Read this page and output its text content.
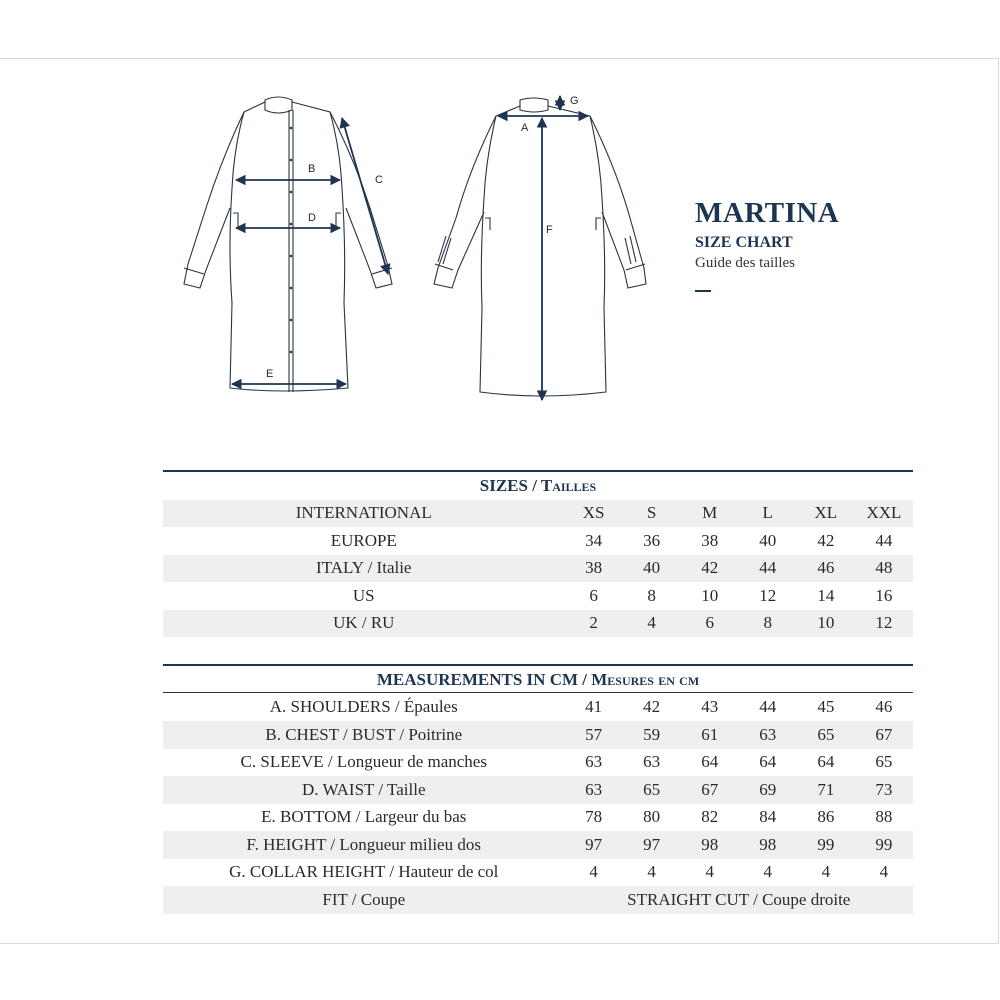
B
C
D
E
G
A
F
MARTINA
SIZE CHART
Guide des tailles
SIZES / Tailles						
INTERNATIONAL	XS	S	M	L	XL	XXL
EUROPE	34	36	38	40	42	44
ITALY / Italie	38	40	42	44	46	48
US	6	8	10	12	14	16
UK / RU	2	4	6	8	10	12
MEASUREMENTS IN CM / Mesures en cm						
A. SHOULDERS / Épaules	41	42	43	44	45	46
B. CHEST / BUST / Poitrine	57	59	61	63	65	67
C. SLEEVE / Longueur de manches	63	63	64	64	64	65
D. WAIST / Taille	63	65	67	69	71	73
E. BOTTOM / Largeur du bas	78	80	82	84	86	88
F. HEIGHT / Longueur milieu dos	97	97	98	98	99	99
G. COLLAR HEIGHT / Hauteur de col	4	4	4	4	4	4
FIT / Coupe	STRAIGHT CUT / Coupe droite					
